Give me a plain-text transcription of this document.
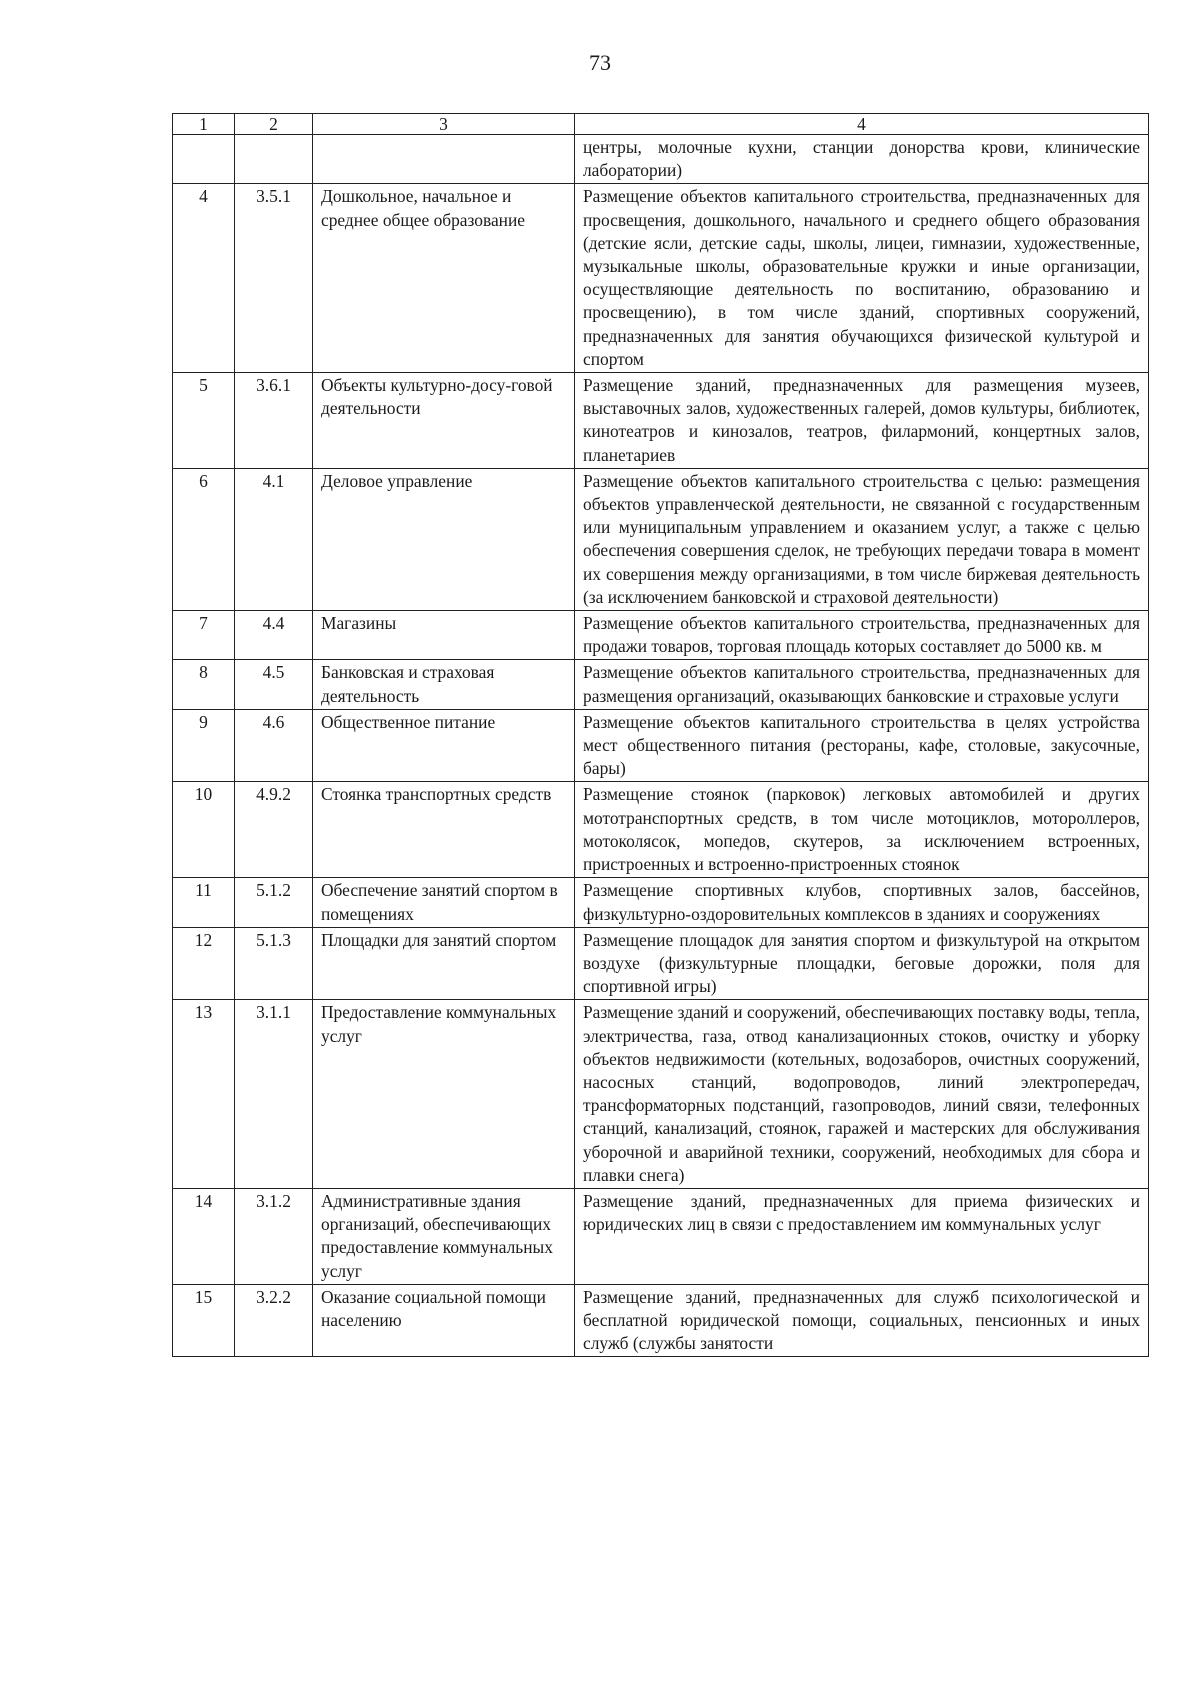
73
1	2	3	4
			центры, молочные кухни, станции донорства крови, клинические лаборатории)
4	3.5.1	Дошкольное, начальное и среднее общее образование	Размещение объектов капитального строительства, предназначенных для просвещения, дошкольного, начального и среднего общего образования (детские ясли, детские сады, школы, лицеи, гимназии, художественные, музыкальные школы, образовательные кружки и иные организации, осуществляющие деятельность по воспитанию, образованию и просвещению), в том числе зданий, спортивных сооружений, предназначенных для занятия обучающихся физической культурой и спортом
5	3.6.1	Объекты культурно-досу-говой деятельности	Размещение зданий, предназначенных для размещения музеев, выставочных залов, художественных галерей, домов культуры, библиотек, кинотеатров и кинозалов, театров, филармоний, концертных залов, планетариев
6	4.1	Деловое управление	Размещение объектов капитального строительства с целью: размещения объектов управленческой деятельности, не связанной с государственным или муниципальным управлением и оказанием услуг, а также с целью обеспечения совершения сделок, не требующих передачи товара в момент их совершения между организациями, в том числе биржевая деятельность (за исключением банковской и страховой деятельности)
7	4.4	Магазины	Размещение объектов капитального строительства, предназначенных для продажи товаров, торговая площадь которых составляет до 5000 кв. м
8	4.5	Банковская и страховая деятельность	Размещение объектов капитального строительства, предназначенных для размещения организаций, оказывающих банковские и страховые услуги
9	4.6	Общественное питание	Размещение объектов капитального строительства в целях устройства мест общественного питания (рестораны, кафе, столовые, закусочные, бары)
10	4.9.2	Стоянка транспортных средств	Размещение стоянок (парковок) легковых автомобилей и других мототранспортных средств, в том числе мотоциклов, мотороллеров, мотоколясок, мопедов, скутеров, за исключением встроенных, пристроенных и встроенно-пристроенных стоянок
11	5.1.2	Обеспечение занятий спортом в помещениях	Размещение спортивных клубов, спортивных залов, бассейнов, физкультурно-оздоровительных комплексов в зданиях и сооружениях
12	5.1.3	Площадки для занятий спортом	Размещение площадок для занятия спортом и физкультурой на открытом воздухе (физкультурные площадки, беговые дорожки, поля для спортивной игры)
13	3.1.1	Предоставление коммунальных услуг	Размещение зданий и сооружений, обеспечивающих поставку воды, тепла, электричества, газа, отвод канализационных стоков, очистку и уборку объектов недвижимости (котельных, водозаборов, очистных сооружений, насосных станций, водопроводов, линий электропередач, трансформаторных подстанций, газопроводов, линий связи, телефонных станций, канализаций, стоянок, гаражей и мастерских для обслуживания уборочной и аварийной техники, сооружений, необходимых для сбора и плавки снега)
14	3.1.2	Административные здания организаций, обеспечивающих предоставление коммунальных услуг	Размещение зданий, предназначенных для приема физических и юридических лиц в связи с предоставлением им коммунальных услуг
15	3.2.2	Оказание социальной помощи населению	Размещение зданий, предназначенных для служб психологической и бесплатной юридической помощи, социальных, пенсионных и иных служб (службы занятости
